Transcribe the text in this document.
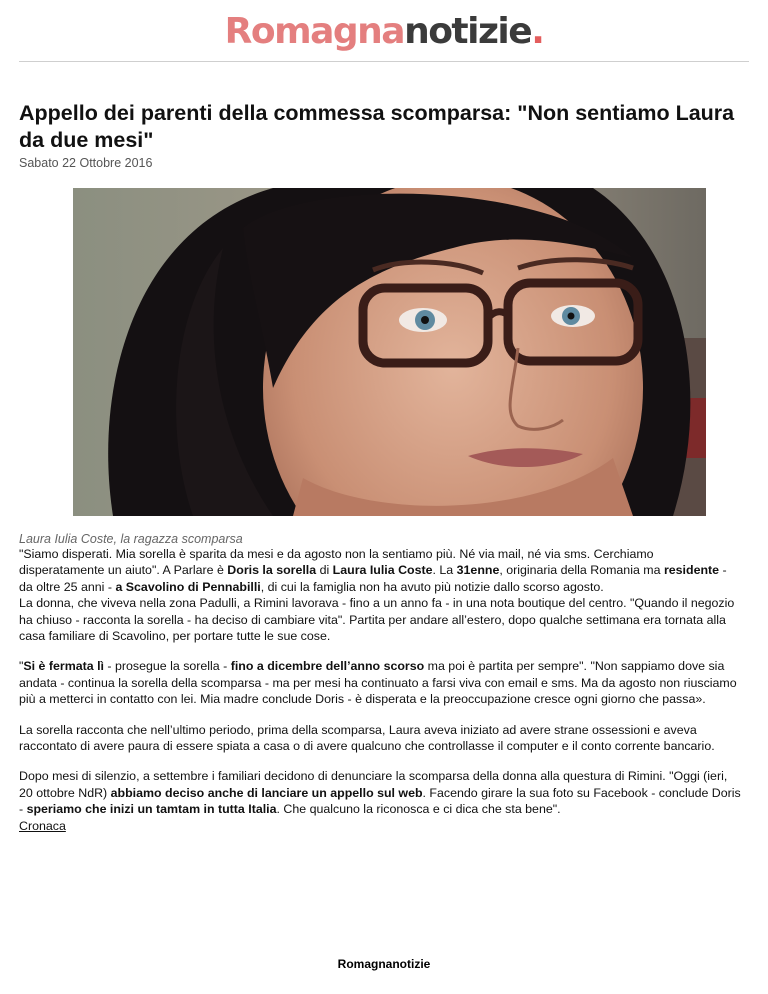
Romagnanotizie.
Appello dei parenti della commessa scomparsa: "Non sentiamo Laura da due mesi"
Sabato 22 Ottobre 2016
Laura Iulia Coste, la ragazza scomparsa

"Siamo disperati. Mia sorella è sparita da mesi e da agosto non la sentiamo più. Né via mail, né via sms. Cerchiamo disperatamente un aiuto". A Parlare è Doris la sorella di Laura Iulia Coste. La 31enne, originaria della Romania ma residente - da oltre 25 anni - a Scavolino di Pennabilli, di cui la famiglia non ha avuto più notizie dallo scorso agosto.

La donna, che viveva nella zona Padulli, a Rimini lavorava - fino a un anno fa - in una nota boutique del centro. "Quando il negozio ha chiuso - racconta la sorella - ha deciso di cambiare vita". Partita per andare all’estero, dopo qualche settimana era tornata alla casa familiare di Scavolino, per portare tutte le sue cose.

"Si è fermata lì - prosegue la sorella - fino a dicembre dell’anno scorso ma poi è partita per sempre". "Non sappiamo dove sia andata - continua la sorella della scomparsa - ma per mesi ha continuato a farsi viva con email e sms. Ma da agosto non riusciamo più a metterci in contatto con lei. Mia madre conclude Doris - è disperata e la preoccupazione cresce ogni giorno che passa».

La sorella racconta che nell’ultimo periodo, prima della scomparsa, Laura aveva iniziato ad avere strane ossessioni e aveva raccontato di avere paura di essere spiata a casa o di avere qualcuno che controllasse il computer e il conto corrente bancario.

Dopo mesi di silenzio, a settembre i familiari decidono di denunciare la scomparsa della donna alla questura di Rimini. "Oggi (ieri, 20 ottobre NdR) abbiamo deciso anche di lanciare un appello sul web. Facendo girare la sua foto su Facebook - conclude Doris - speriamo che inizi un tamtam in tutta Italia. Che qualcuno la riconosca e ci dica che sta bene".

Cronaca
Romagnanotizie
